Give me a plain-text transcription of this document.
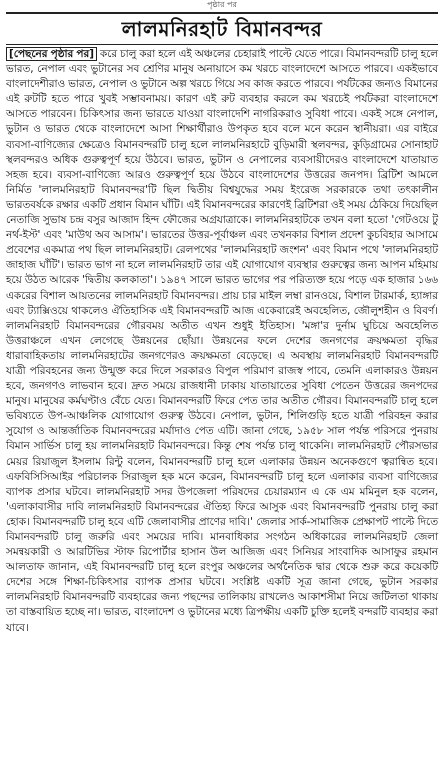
পৃষ্ঠার পর
লালমনিরহাট বিমানবন্দর

[পেছনের পৃষ্ঠার পর] করে চালু করা হলে এই অঞ্চলের চেহারাই পাল্টে যেতে পারে। বিমানবন্দরটি চালু হলে ভারত, নেপাল এবং ভুটানের সব শ্রেণির মানুষ অনায়াসে কম খরচে বাংলাদেশে আসতে পারবে। একইভাবে বাংলাদেশীরাও ভারত, নেপাল ও ভুটানে অল্প খরচে গিয়ে সব কাজ করতে পারবে। পর্যটকের জন্যও বিমানের এই রুটটি হতে পারে খুবই সম্ভাবনাময়। কারণ এই রুট ব্যবহার করলে কম খরচেই পর্যটকরা বাংলাদেশে আসতে পারবেন। চিকিৎসার জন্য ভারতে যাওয়া বাংলাদেশি নাগরিকরাও সুবিধা পাবে। একই সঙ্গে নেপাল, ভুটান ও ভারত থেকে বাংলাদেশে আসা শিক্ষার্থীরাও উপকৃত হবে বলে মনে করেন স্থানীয়রা। এর বাইরে ব্যবসা-বাণিজ্যের ক্ষেত্রেও বিমানবন্দরটি চালু হলে লালমনিরহাটে বুড়িমারী স্থলবন্দর, কুড়িগ্রামের সোনাহাট স্থলবন্দরও অধিক গুরুত্বপূর্ণ হয়ে উঠবে। ভারত, ভুটান ও নেপালের ব্যবসায়ীদেরও বাংলাদেশে যাতায়াত সহজ হবে। ব্যবসা-বাণিজ্যে আরও গুরুত্বপূর্ণ হয়ে উঠবে বাংলাদেশের উত্তরের জনপদ। ব্রিটিশ আমলে নির্মিত 'লালমনিরহাট বিমানবন্দর'টি ছিল দ্বিতীয় বিশ্বযুদ্ধের সময় ইংরেজ সরকারকে তথা তৎকালীন ভারতবর্ষকে রক্ষার একটি প্রধান বিমান ঘাঁটি। এই বিমানবন্দরের কারণেই ব্রিটিশরা ওই সময় ঠেকিয়ে দিয়েছিল নেতাজি সুভাষ চন্দ্র বসুর আজাদ হিন্দ ফৌজের অগ্রযাত্রাকে। লালমনিরহাটকে তখন বলা হতো 'গেটওয়ে টু নর্থ-ইস্ট' এবং 'মাউথ অব আসাম'। ভারতের উত্তর-পূর্বাঞ্চল এবং তখনকার বিশাল প্রদেশ কুচবিহার আসামে প্রবেশের একমাত্র পথ ছিল লালমনিরহাট। রেলপথের 'লালমনিরহাট জংশন' এবং বিমান পথে 'লালমনিরহাট জাহাজ ঘাঁটি'। ভারত ভাগ না হলে লালমনিরহাট তার এই যোগাযোগ ব্যবস্থার গুরুত্বের জন্য আপন মহিমায় হয়ে উঠত আরেক 'দ্বিতীয় কলকাতা'। ১৯৪৭ সালে ভারত ভাগের পর পরিত্যক্ত হয়ে পড়ে এক হাজার ১৬৬ একরের বিশাল আয়তনের লালমনিরহাট বিমানবন্দর। প্রায় চার মাইল লম্বা রানওয়ে, বিশাল টারমার্ক, হ্যাঙ্গার এবং ট্যাক্সিওয়ে থাকলেও ঐতিহাসিক এই বিমানবন্দরটি আজ একেবারেই অবহেলিত, জৌলুশহীন ও বিবর্ণ। লালমনিরহাট বিমানবন্দরের গৌরবময় অতীত এখন শুধুই ইতিহাস। 'মঙ্গা'র দুর্নাম ঘুচিয়ে অবহেলিত উত্তরাঞ্চলে এখন লেগেছে উন্নয়নের ছোঁয়া। উন্নয়নের ফলে দেশের জনগণের ক্রয়ক্ষমতা বৃদ্ধির ধারাবাহিকতায় লালমনিরহাটের জনগণেরও ক্রয়ক্ষমতা বেড়েছে। এ অবস্থায় লালমনিরহাট বিমানবন্দরটি যাত্রী পরিবহনের জন্য উন্মুক্ত করে দিলে সরকারও বিপুল পরিমাণ রাজস্ব পাবে, তেমনি এলাকারও উন্নয়ন হবে, জনগণও লাভবান হবে। দ্রুত সময়ে রাজধানী ঢাকায় যাতায়াতের সুবিধা পেতেন উত্তরের জনপদের মানুষ। মানুষের কর্মঘণ্টাও বেঁচে যেত। বিমানবন্দরটি ফিরে পেত তার অতীত গৌরব। বিমানবন্দরটি চালু হলে ভবিষ্যতে উপ-আঞ্চলিক যোগাযোগ গুরুত্ব উঠবে। নেপাল, ভুটান, শিলিগুড়ি হতে যাত্রী পরিবহন করার সুযোগ ও আন্তর্জাতিক বিমানবন্দরের মর্যাদাও পেত এটি। জানা গেছে, ১৯৫৮ সাল পর্যন্ত পরিসরে পুনরায় বিমান সার্ভিস চালু হয় লালমনিরহাট বিমানবন্দরে। কিন্তু শেষ পর্যন্ত চালু থাকেনি। লালমনিরহাট পৌরসভার মেয়র রিয়াজুল ইসলাম রিন্টু বলেন, বিমানবন্দরটি চালু হলে এলাকার উন্নয়ন অনেকগুণে ত্বরান্বিত হবে। এফবিসিসিআইর পরিচালক সিরাজুল হক মনে করেন, বিমানবন্দরটি চালু হলে এলাকার ব্যবসা বাণিজ্যের ব্যাপক প্রসার ঘটবে। লালমনিরহাট সদর উপজেলা পরিষদের চেয়ারম্যান এ কে এম মমিনুল হক বলেন, 'এলাকাবাসীর দাবি লালমনিরহাট বিমানবন্দরের ঐতিহ্য ফিরে আসুক এবং বিমানবন্দরটি পুনরায় চালু করা হোক। বিমানবন্দরটি চালু হবে এটি জেলাবাসীর প্রাণের দাবি।' জেলার সার্ক-সামাজিক প্রেক্ষাপট পাল্টে দিতে বিমানবন্দরটি চালু জরুরি এবং সময়ের দাবি। মানবাধিকার সংগঠন অধিকারের লালমনিরহাট জেলা সমন্বয়কারী ও আরটিভির স্টাফ রিপোর্টার হাসান উল আজিজ এবং সিনিয়র সাংবাদিক আসাফুর রহমান আলতাফ জানান, এই বিমানবন্দরটি চালু হলে রংপুর অঞ্চলের অর্থনৈতিক দ্বার থেকে শুরু করে কয়েকটি দেশের সঙ্গে শিক্ষা-চিকিৎসার ব্যাপক প্রসার ঘটবে। সংশ্লিষ্ট একটি সূত্র জানা গেছে, ভুটান সরকার লালমনিরহাট বিমানবন্দরটি ব্যবহারের জন্য পছন্দের তালিকায় রাখলেও আকাশসীমা নিয়ে জটিলতা থাকায় তা বাস্তবায়িত হচ্ছে না। ভারত, বাংলাদেশ ও ভুটানের মধ্যে ত্রিপক্ষীয় একটি চুক্তি হলেই বন্দরটি ব্যবহার করা যাবে।
